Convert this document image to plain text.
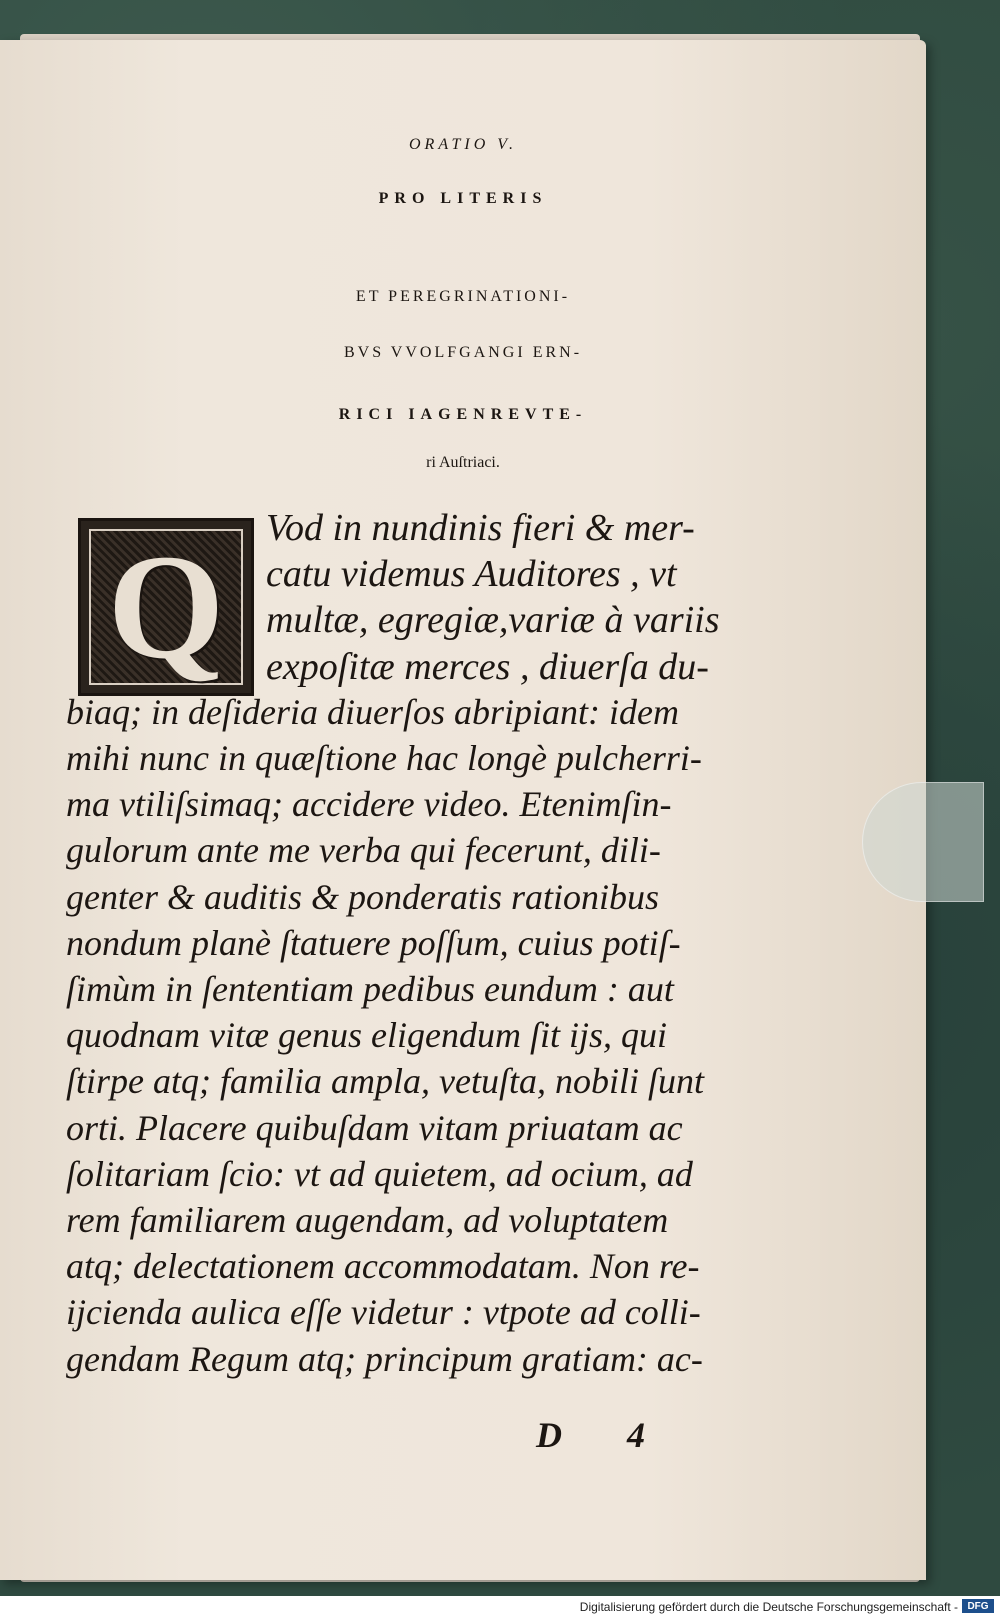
ORATIO V.
PRO LITERIS
ET PEREGRINATIONI-
BVS VVOLFGANGI ERN-
RICI IAGENREVTE-
ri Auſtriaci.
Q	Vod in nundinis fieri & mer-
catu videmus Auditores , vt
multæ, egregiæ,variæ à variis
expoſitæ merces , diuerſa du-
biaq; in deſideria diuerſos abripiant: idem
mihi nunc in quæſtione hac longè pulcherri-
ma vtiliſsimaq; accidere video. Etenimſin-
gulorum ante me verba qui fecerunt, dili-
genter & auditis & ponderatis rationibus
nondum planè ſtatuere poſſum, cuius potiſ-
ſimùm in ſententiam pedibus eundum : aut
quodnam vitæ genus eligendum ſit ijs, qui
ſtirpe atq; familia ampla, vetuſta, nobili ſunt
orti. Placere quibuſdam vitam priuatam ac
ſolitariam ſcio: vt ad quietem, ad ocium, ad
rem familiarem augendam, ad voluptatem
atq; delectationem accommodatam. Non re-
ijcienda aulica eſſe videtur : vtpote ad colli-
gendam Regum atq; principum gratiam: ac-
D 4
Digitalisierung gefördert durch die Deutsche Forschungsgemeinschaft - DFG
